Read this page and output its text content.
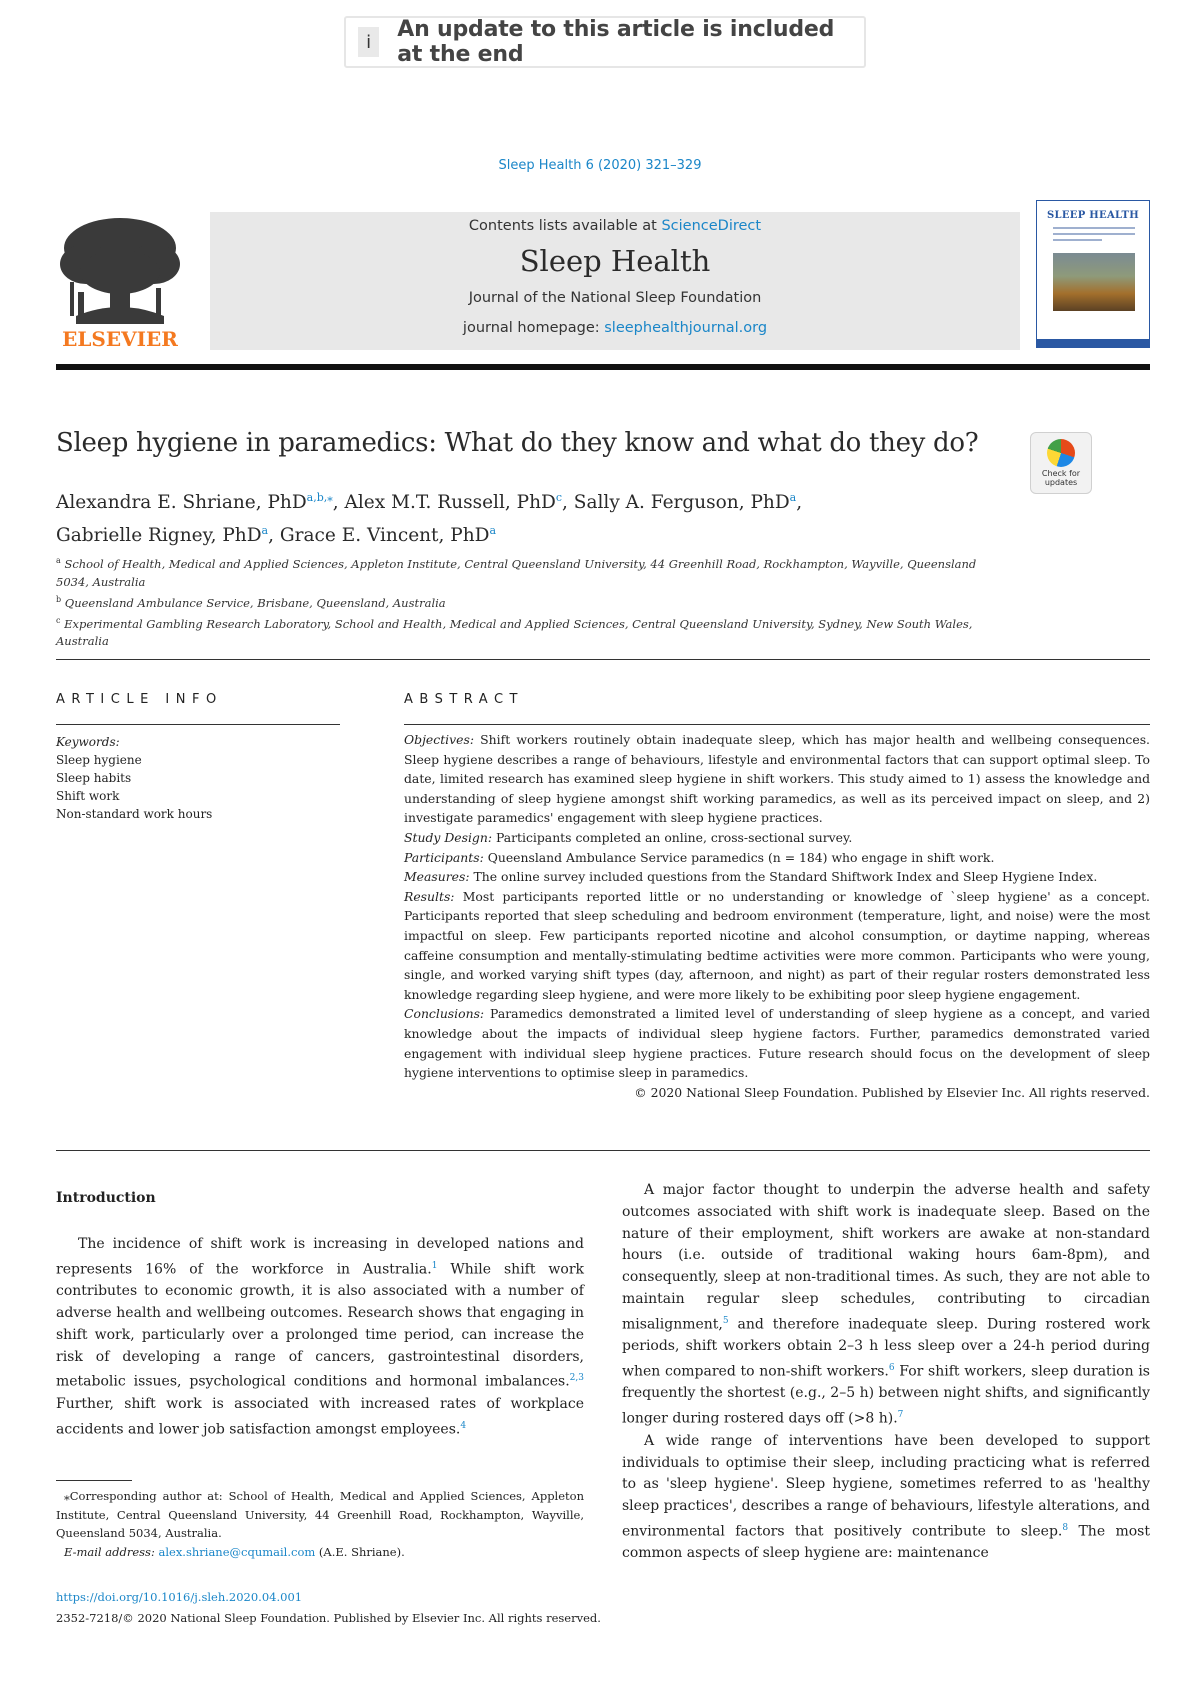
i	An update to this article is included at the end
Sleep Health 6 (2020) 321–329
ELSEVIER
Contents lists available at ScienceDirect
Sleep Health
Journal of the National Sleep Foundation
journal homepage: sleephealthjournal.org
SLEEP HEALTH
Sleep hygiene in paramedics: What do they know and what do they do?
Check for updates
Alexandra E. Shriane, PhD$^{a,b,⁎}$, Alex M.T. Russell, PhD$^c$, Sally A. Ferguson, PhD$^a$,
Gabrielle Rigney, PhD$^a$, Grace E. Vincent, PhD$^a$
$^a$ School of Health, Medical and Applied Sciences, Appleton Institute, Central Queensland University, 44 Greenhill Road, Rockhampton, Wayville, Queensland 5034, Australia
$^b$ Queensland Ambulance Service, Brisbane, Queensland, Australia
$^c$ Experimental Gambling Research Laboratory, School and Health, Medical and Applied Sciences, Central Queensland University, Sydney, New South Wales, Australia
ARTICLE INFO	ABSTRACT
Keywords:
Sleep hygiene
Sleep habits
Shift work
Non-standard work hours

Objectives: Shift workers routinely obtain inadequate sleep, which has major health and wellbeing consequences. Sleep hygiene describes a range of behaviours, lifestyle and environmental factors that can support optimal sleep. To date, limited research has examined sleep hygiene in shift workers. This study aimed to 1) assess the knowledge and understanding of sleep hygiene amongst shift working paramedics, as well as its perceived impact on sleep, and 2) investigate paramedics' engagement with sleep hygiene practices.

Study Design: Participants completed an online, cross-sectional survey.

Participants: Queensland Ambulance Service paramedics (n = 184) who engage in shift work.

Measures: The online survey included questions from the Standard Shiftwork Index and Sleep Hygiene Index.

Results: Most participants reported little or no understanding or knowledge of `sleep hygiene' as a concept. Participants reported that sleep scheduling and bedroom environment (temperature, light, and noise) were the most impactful on sleep. Few participants reported nicotine and alcohol consumption, or daytime napping, whereas caffeine consumption and mentally-stimulating bedtime activities were more common. Participants who were young, single, and worked varying shift types (day, afternoon, and night) as part of their regular rosters demonstrated less knowledge regarding sleep hygiene, and were more likely to be exhibiting poor sleep hygiene engagement.

Conclusions: Paramedics demonstrated a limited level of understanding of sleep hygiene as a concept, and varied knowledge about the impacts of individual sleep hygiene factors. Further, paramedics demonstrated varied engagement with individual sleep hygiene practices. Future research should focus on the development of sleep hygiene interventions to optimise sleep in paramedics.

© 2020 National Sleep Foundation. Published by Elsevier Inc. All rights reserved.

Introduction

The incidence of shift work is increasing in developed nations and represents 16% of the workforce in Australia.$^1$ While shift work contributes to economic growth, it is also associated with a number of adverse health and wellbeing outcomes. Research shows that engaging in shift work, particularly over a prolonged time period, can increase the risk of developing a range of cancers, gastrointestinal disorders, metabolic issues, psychological conditions and hormonal imbalances.$^{2,3}$ Further, shift work is associated with increased rates of workplace accidents and lower job satisfaction amongst employees.$^4$

A major factor thought to underpin the adverse health and safety outcomes associated with shift work is inadequate sleep. Based on the nature of their employment, shift workers are awake at non-standard hours (i.e. outside of traditional waking hours 6am-8pm), and consequently, sleep at non-traditional times. As such, they are not able to maintain regular sleep schedules, contributing to circadian misalignment,$^5$ and therefore inadequate sleep. During rostered work periods, shift workers obtain 2–3 h less sleep over a 24-h period during when compared to non-shift workers.$^6$ For shift workers, sleep duration is frequently the shortest (e.g., 2–5 h) between night shifts, and significantly longer during rostered days off (>8 h).$^7$

A wide range of interventions have been developed to support individuals to optimise their sleep, including practicing what is referred to as 'sleep hygiene'. Sleep hygiene, sometimes referred to as 'healthy sleep practices', describes a range of behaviours, lifestyle alterations, and environmental factors that positively contribute to sleep.$^8$ The most common aspects of sleep hygiene are: maintenance

⁎Corresponding author at: School of Health, Medical and Applied Sciences, Appleton Institute, Central Queensland University, 44 Greenhill Road, Rockhampton, Wayville, Queensland 5034, Australia.

E-mail address: alex.shriane@cqumail.com (A.E. Shriane).

https://doi.org/10.1016/j.sleh.2020.04.001
2352-7218/© 2020 National Sleep Foundation. Published by Elsevier Inc. All rights reserved.
